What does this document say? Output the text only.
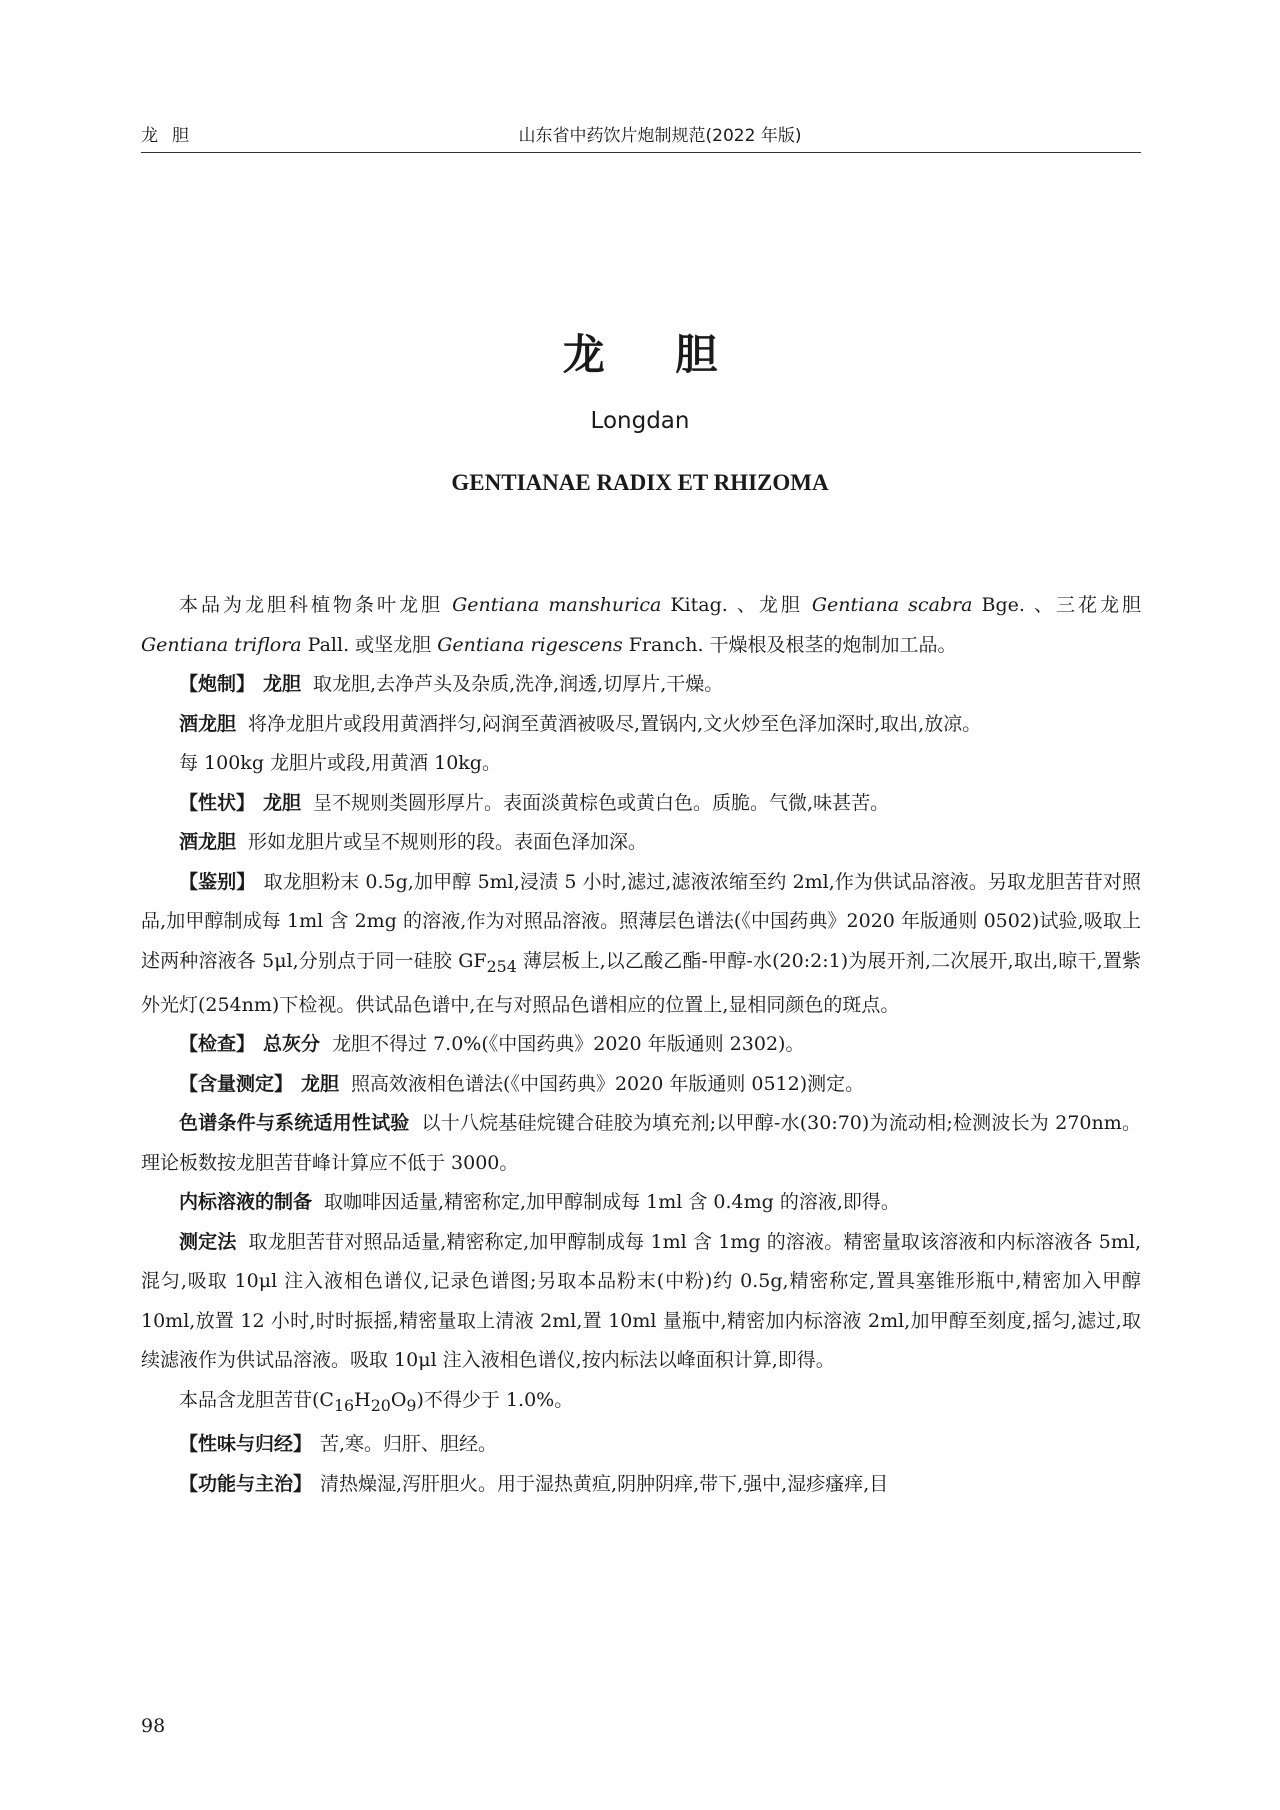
龙胆	山东省中药饮片炮制规范(2022 年版)
龙 胆
Longdan
GENTIANAE RADIX ET RHIZOMA

本品为龙胆科植物条叶龙胆 Gentiana manshurica Kitag. 、龙胆 Gentiana scabra Bge. 、三花龙胆 Gentiana triflora Pall. 或坚龙胆 Gentiana rigescens Franch. 干燥根及根茎的炮制加工品。

【炮制】 龙胆 取龙胆,去净芦头及杂质,洗净,润透,切厚片,干燥。

酒龙胆 将净龙胆片或段用黄酒拌匀,闷润至黄酒被吸尽,置锅内,文火炒至色泽加深时,取出,放凉。

每 100kg 龙胆片或段,用黄酒 10kg。

【性状】 龙胆 呈不规则类圆形厚片。表面淡黄棕色或黄白色。质脆。气微,味甚苦。

酒龙胆 形如龙胆片或呈不规则形的段。表面色泽加深。

【鉴别】 取龙胆粉末 0.5g,加甲醇 5ml,浸渍 5 小时,滤过,滤液浓缩至约 2ml,作为供试品溶液。另取龙胆苦苷对照品,加甲醇制成每 1ml 含 2mg 的溶液,作为对照品溶液。照薄层色谱法(《中国药典》2020 年版通则 0502)试验,吸取上述两种溶液各 5μl,分别点于同一硅胶 $GF_{254}$ 薄层板上,以乙酸乙酯-甲醇-水(20:2:1)为展开剂,二次展开,取出,晾干,置紫外光灯(254nm)下检视。供试品色谱中,在与对照品色谱相应的位置上,显相同颜色的斑点。

【检查】 总灰分 龙胆不得过 7.0%(《中国药典》2020 年版通则 2302)。

【含量测定】 龙胆 照高效液相色谱法(《中国药典》2020 年版通则 0512)测定。

色谱条件与系统适用性试验 以十八烷基硅烷键合硅胶为填充剂;以甲醇-水(30:70)为流动相;检测波长为 270nm。理论板数按龙胆苦苷峰计算应不低于 3000。

内标溶液的制备 取咖啡因适量,精密称定,加甲醇制成每 1ml 含 0.4mg 的溶液,即得。

测定法 取龙胆苦苷对照品适量,精密称定,加甲醇制成每 1ml 含 1mg 的溶液。精密量取该溶液和内标溶液各 5ml,混匀,吸取 10μl 注入液相色谱仪,记录色谱图;另取本品粉末(中粉)约 0.5g,精密称定,置具塞锥形瓶中,精密加入甲醇 10ml,放置 12 小时,时时振摇,精密量取上清液 2ml,置 10ml 量瓶中,精密加内标溶液 2ml,加甲醇至刻度,摇匀,滤过,取续滤液作为供试品溶液。吸取 10μl 注入液相色谱仪,按内标法以峰面积计算,即得。

本品含龙胆苦苷$(C_{16}H_{20}O_9)$不得少于 1.0%。

【性味与归经】 苦,寒。归肝、胆经。

【功能与主治】 清热燥湿,泻肝胆火。用于湿热黄疸,阴肿阴痒,带下,强中,湿疹瘙痒,目

98
